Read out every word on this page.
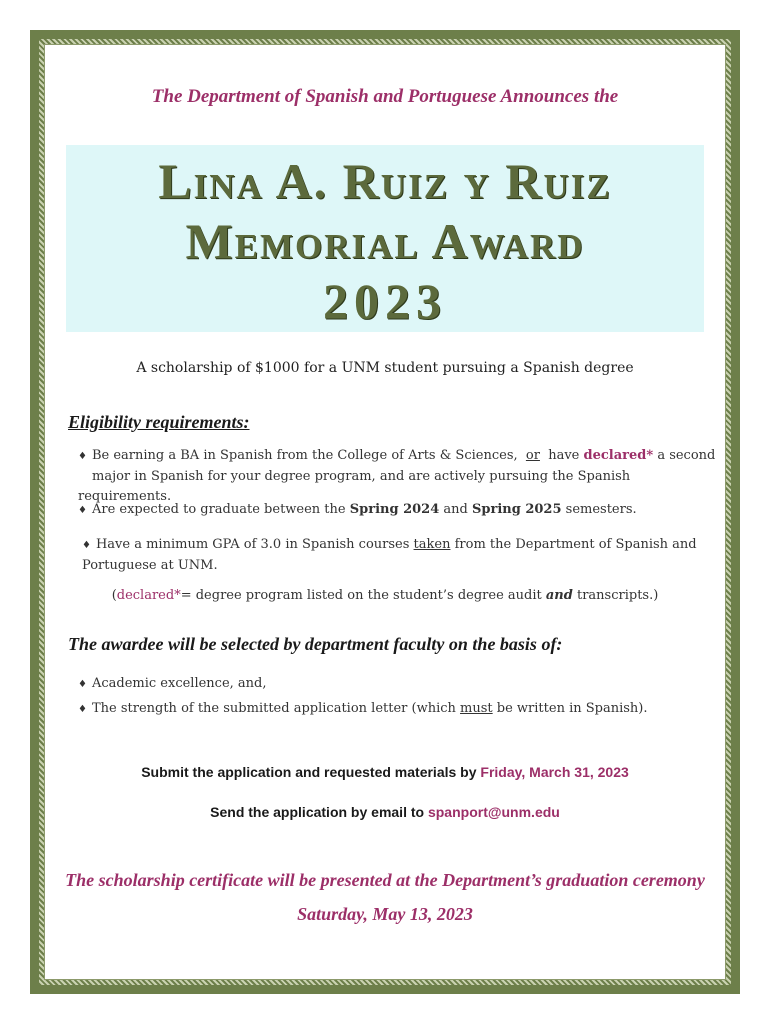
The Department of Spanish and Portuguese Announces the
Lina A. Ruiz y Ruiz
Memorial Award
2023
A scholarship of $1000 for a UNM student pursuing a Spanish degree
Eligibility requirements:
♦ Be earning a BA in Spanish from the College of Arts & Sciences, or have declared* a second
major in Spanish for your degree program, and are actively pursuing the Spanish requirements.
♦ Are expected to graduate between the Spring 2024 and Spring 2025 semesters.
♦ Have a minimum GPA of 3.0 in Spanish courses taken from the Department of Spanish and
Portuguese at UNM.
(declared*= degree program listed on the student’s degree audit and transcripts.)
The awardee will be selected by department faculty on the basis of:
♦ Academic excellence, and,
♦ The strength of the submitted application letter (which must be written in Spanish).
Submit the application and requested materials by Friday, March 31, 2023
Send the application by email to spanport@unm.edu
The scholarship certificate will be presented at the Department’s graduation ceremony
Saturday, May 13, 2023
